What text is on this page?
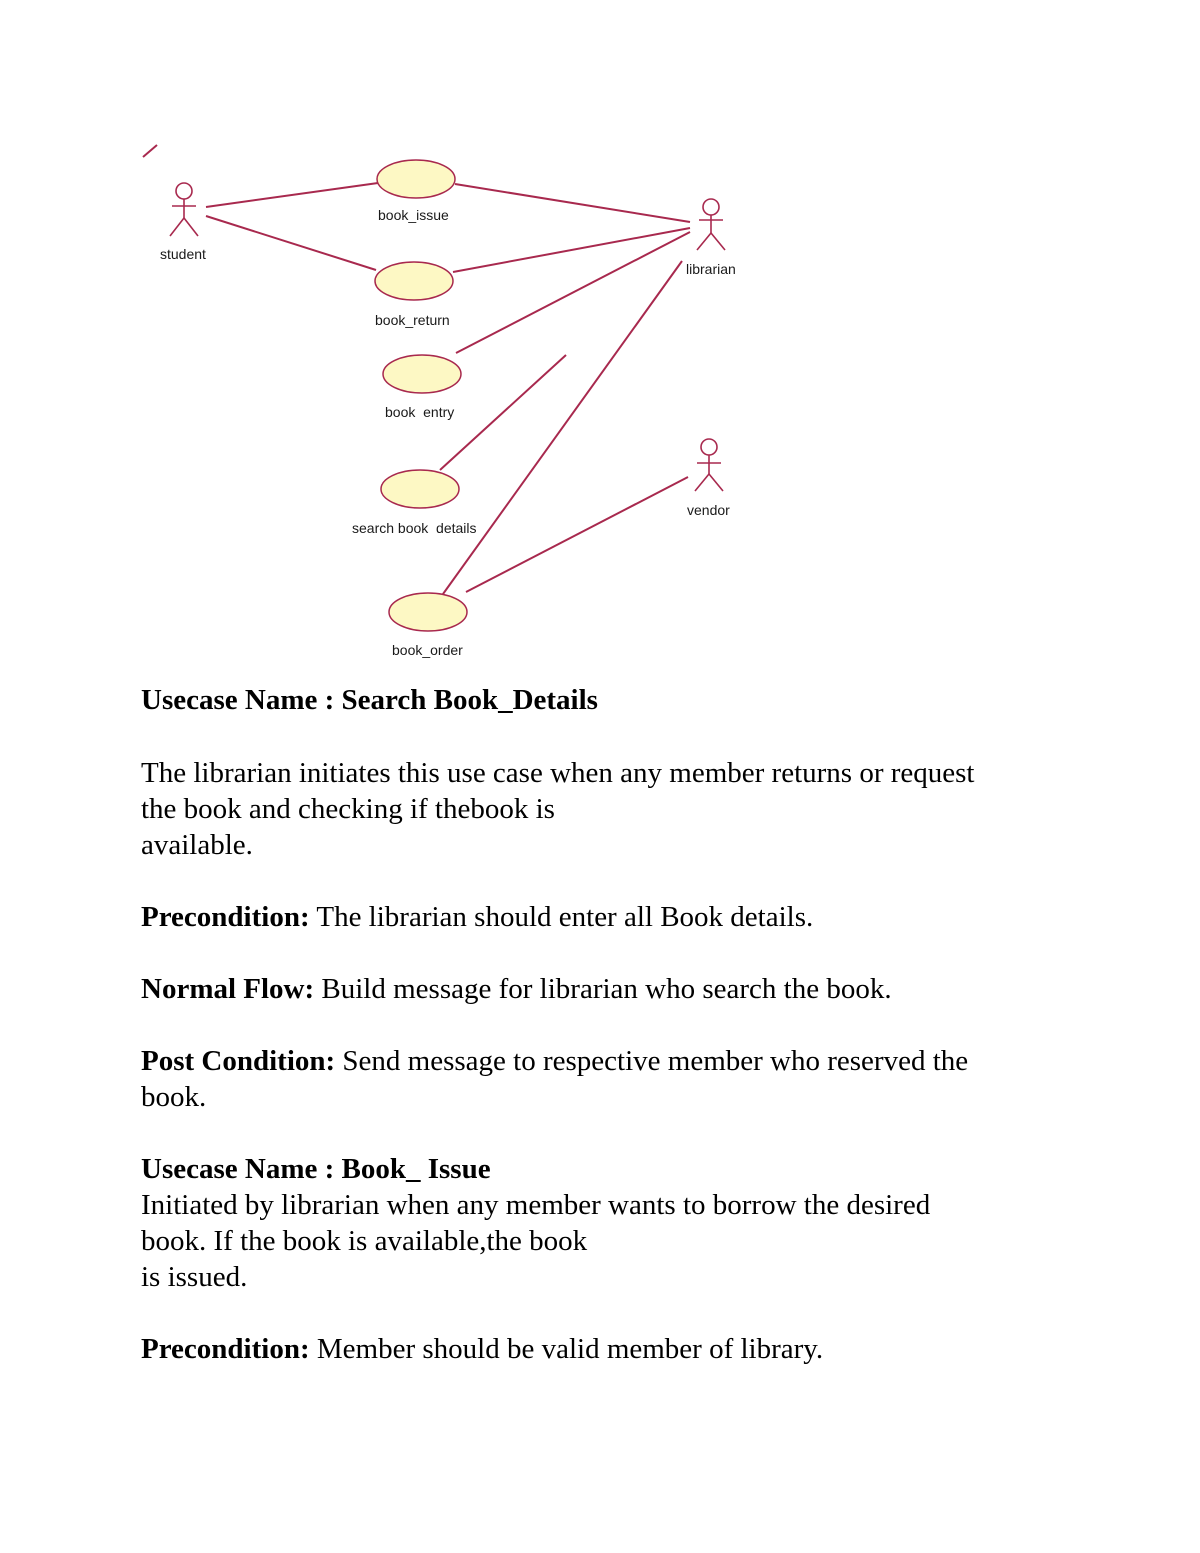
student
librarian
vendor
book_issue
book_return
book  entry
search book  details
book_order

Usecase Name : Search Book_Details

The librarian initiates this use case when any member returns or request

the book and checking if thebook is

available.

Precondition: The librarian should enter all Book details.

Normal Flow: Build message for librarian who search the book.

Post Condition: Send message to respective member who reserved the

book.

Usecase Name : Book_ Issue

Initiated by librarian when any member wants to borrow the desired

book. If the book is available,the book

is issued.

Precondition: Member should be valid member of library.
